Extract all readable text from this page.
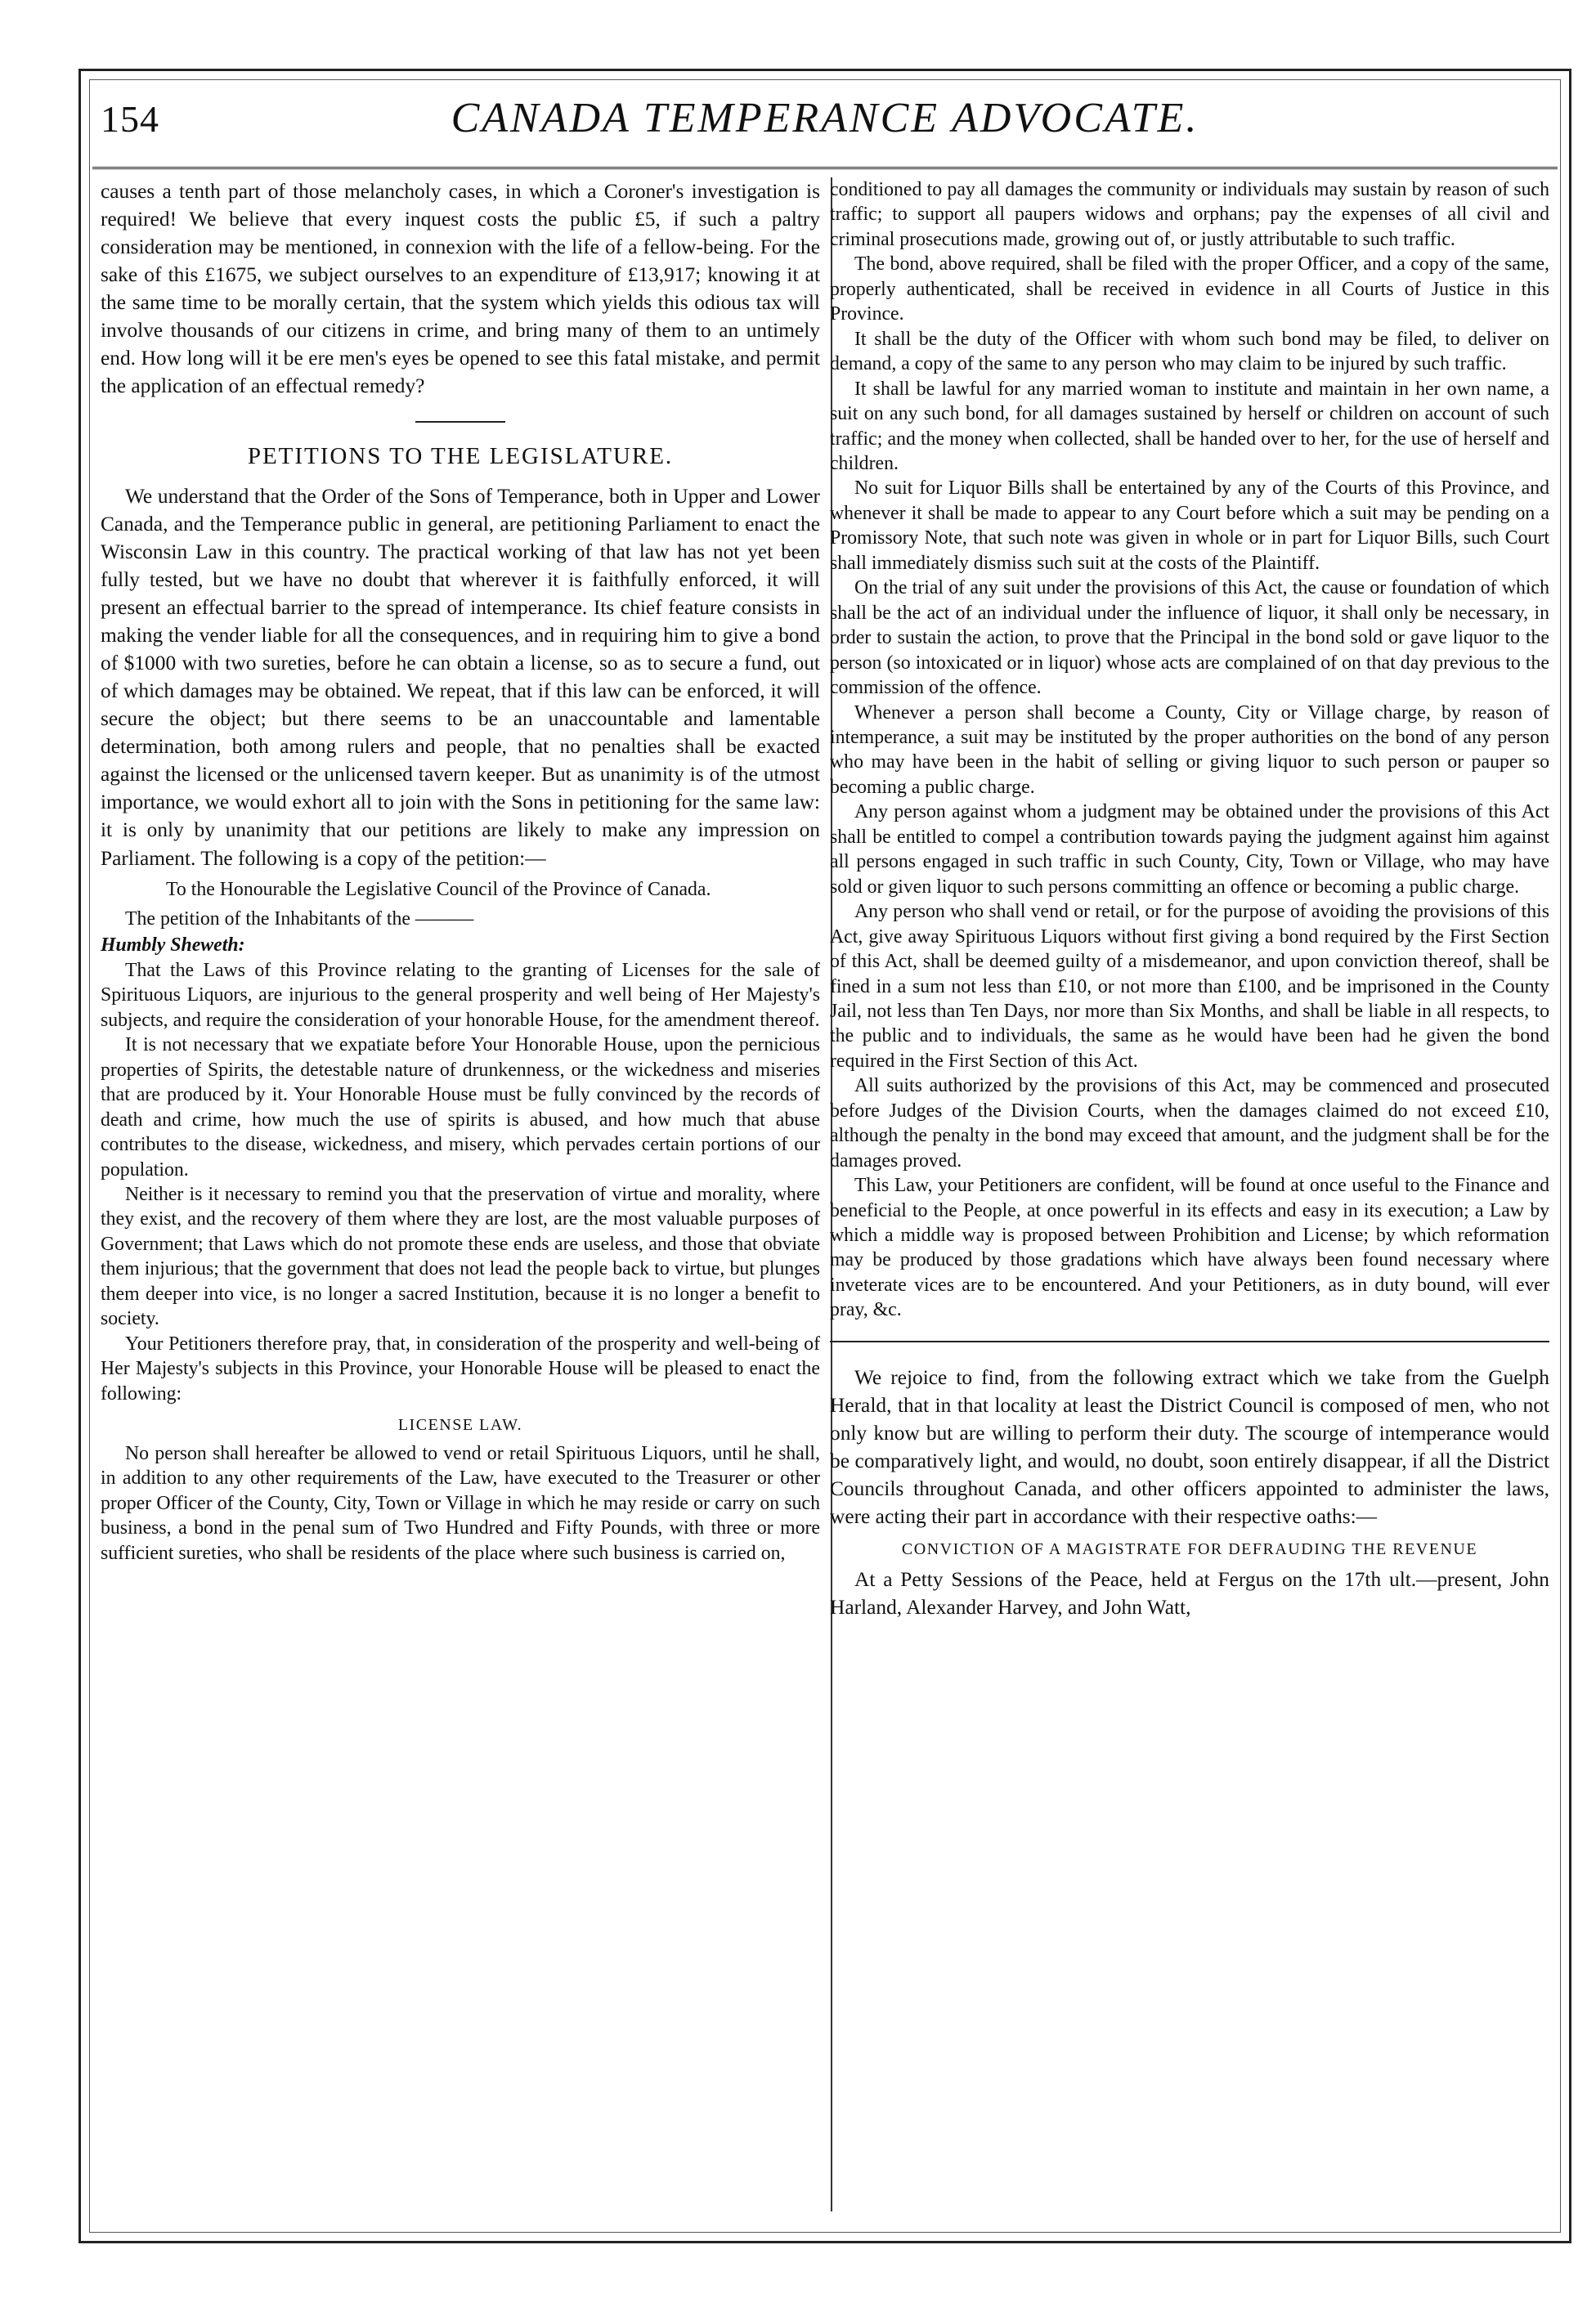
154	CANADA TEMPERANCE ADVOCATE.

causes a tenth part of those melancholy cases, in which a Coroner's investigation is required! We believe that every inquest costs the public £5, if such a paltry consideration may be mentioned, in connexion with the life of a fellow-being. For the sake of this £1675, we subject ourselves to an expenditure of £13,917; knowing it at the same time to be morally certain, that the system which yields this odious tax will involve thousands of our citizens in crime, and bring many of them to an untimely end. How long will it be ere men's eyes be opened to see this fatal mistake, and permit the application of an effectual remedy?

PETITIONS TO THE LEGISLATURE.

We understand that the Order of the Sons of Temperance, both in Upper and Lower Canada, and the Temperance public in general, are petitioning Parliament to enact the Wisconsin Law in this country. The practical working of that law has not yet been fully tested, but we have no doubt that wherever it is faithfully enforced, it will present an effectual barrier to the spread of intemperance. Its chief feature consists in making the vender liable for all the consequences, and in requiring him to give a bond of $1000 with two sureties, before he can obtain a license, so as to secure a fund, out of which damages may be obtained. We repeat, that if this law can be enforced, it will secure the object; but there seems to be an unaccountable and lamentable determination, both among rulers and people, that no penalties shall be exacted against the licensed or the unlicensed tavern keeper. But as unanimity is of the utmost importance, we would exhort all to join with the Sons in petitioning for the same law: it is only by unanimity that our petitions are likely to make any impression on Parliament. The following is a copy of the petition:—

To the Honourable the Legislative Council of the Province of Canada.

The petition of the Inhabitants of the ———

Humbly Sheweth:

That the Laws of this Province relating to the granting of Licenses for the sale of Spirituous Liquors, are injurious to the general prosperity and well being of Her Majesty's subjects, and require the consideration of your honorable House, for the amendment thereof.

It is not necessary that we expatiate before Your Honorable House, upon the pernicious properties of Spirits, the detestable nature of drunkenness, or the wickedness and miseries that are produced by it. Your Honorable House must be fully convinced by the records of death and crime, how much the use of spirits is abused, and how much that abuse contributes to the disease, wickedness, and misery, which pervades certain portions of our population.

Neither is it necessary to remind you that the preservation of virtue and morality, where they exist, and the recovery of them where they are lost, are the most valuable purposes of Government; that Laws which do not promote these ends are useless, and those that obviate them injurious; that the government that does not lead the people back to virtue, but plunges them deeper into vice, is no longer a sacred Institution, because it is no longer a benefit to society.

Your Petitioners therefore pray, that, in consideration of the prosperity and well-being of Her Majesty's subjects in this Province, your Honorable House will be pleased to enact the following:

LICENSE LAW.

No person shall hereafter be allowed to vend or retail Spirituous Liquors, until he shall, in addition to any other requirements of the Law, have executed to the Treasurer or other proper Officer of the County, City, Town or Village in which he may reside or carry on such business, a bond in the penal sum of Two Hundred and Fifty Pounds, with three or more sufficient sureties, who shall be residents of the place where such business is carried on,

conditioned to pay all damages the community or individuals may sustain by reason of such traffic; to support all paupers widows and orphans; pay the expenses of all civil and criminal prosecutions made, growing out of, or justly attributable to such traffic.

The bond, above required, shall be filed with the proper Officer, and a copy of the same, properly authenticated, shall be received in evidence in all Courts of Justice in this Province.

It shall be the duty of the Officer with whom such bond may be filed, to deliver on demand, a copy of the same to any person who may claim to be injured by such traffic.

It shall be lawful for any married woman to institute and maintain in her own name, a suit on any such bond, for all damages sustained by herself or children on account of such traffic; and the money when collected, shall be handed over to her, for the use of herself and children.

No suit for Liquor Bills shall be entertained by any of the Courts of this Province, and whenever it shall be made to appear to any Court before which a suit may be pending on a Promissory Note, that such note was given in whole or in part for Liquor Bills, such Court shall immediately dismiss such suit at the costs of the Plaintiff.

On the trial of any suit under the provisions of this Act, the cause or foundation of which shall be the act of an individual under the influence of liquor, it shall only be necessary, in order to sustain the action, to prove that the Principal in the bond sold or gave liquor to the person (so intoxicated or in liquor) whose acts are complained of on that day previous to the commission of the offence.

Whenever a person shall become a County, City or Village charge, by reason of intemperance, a suit may be instituted by the proper authorities on the bond of any person who may have been in the habit of selling or giving liquor to such person or pauper so becoming a public charge.

Any person against whom a judgment may be obtained under the provisions of this Act shall be entitled to compel a contribution towards paying the judgment against him against all persons engaged in such traffic in such County, City, Town or Village, who may have sold or given liquor to such persons committing an offence or becoming a public charge.

Any person who shall vend or retail, or for the purpose of avoiding the provisions of this Act, give away Spirituous Liquors without first giving a bond required by the First Section of this Act, shall be deemed guilty of a misdemeanor, and upon conviction thereof, shall be fined in a sum not less than £10, or not more than £100, and be imprisoned in the County Jail, not less than Ten Days, nor more than Six Months, and shall be liable in all respects, to the public and to individuals, the same as he would have been had he given the bond required in the First Section of this Act.

All suits authorized by the provisions of this Act, may be commenced and prosecuted before Judges of the Division Courts, when the damages claimed do not exceed £10, although the penalty in the bond may exceed that amount, and the judgment shall be for the damages proved.

This Law, your Petitioners are confident, will be found at once useful to the Finance and beneficial to the People, at once powerful in its effects and easy in its execution; a Law by which a middle way is proposed between Prohibition and License; by which reformation may be produced by those gradations which have always been found necessary where inveterate vices are to be encountered. And your Petitioners, as in duty bound, will ever pray, &c.

We rejoice to find, from the following extract which we take from the Guelph Herald, that in that locality at least the District Council is composed of men, who not only know but are willing to perform their duty. The scourge of intemperance would be comparatively light, and would, no doubt, soon entirely disappear, if all the District Councils throughout Canada, and other officers appointed to administer the laws, were acting their part in accordance with their respective oaths:—

CONVICTION OF A MAGISTRATE FOR DEFRAUDING THE REVENUE

At a Petty Sessions of the Peace, held at Fergus on the 17th ult.—present, John Harland, Alexander Harvey, and John Watt,
